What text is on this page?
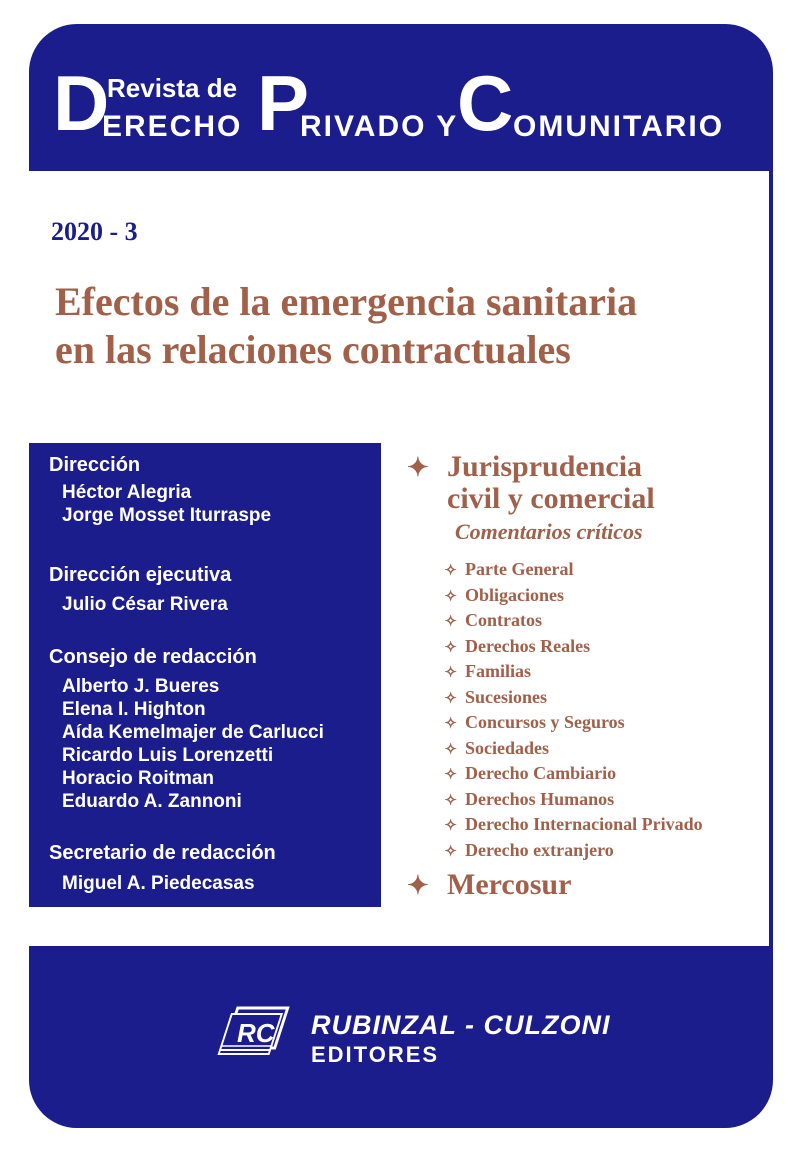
Revista de
D
ERECHO P
RIVADO Y
C OMUNITARIO
2020 - 3
Efectos de la emergencia sanitaria
en las relaciones contractuales
Dirección
Héctor Alegria
Jorge Mosset Iturraspe
Dirección ejecutiva
Julio César Rivera
Consejo de redacción
Alberto J. Bueres
Elena I. Highton
Aída Kemelmajer de Carlucci
Ricardo Luis Lorenzetti
Horacio Roitman
Eduardo A. Zannoni
Secretario de redacción
Miguel A. Piedecasas
✦ Jurisprudencia
civil y comercial
Comentarios críticos
✧ Parte General
✧ Obligaciones
✧ Contratos
✧ Derechos Reales
✧ Familias
✧ Sucesiones
✧ Concursos y Seguros
✧ Sociedades
✧ Derecho Cambiario
✧ Derechos Humanos
✧ Derecho Internacional Privado
✧ Derecho extranjero
✦ Mercosur
RC RUBINZAL - CULZONI
EDITORES
